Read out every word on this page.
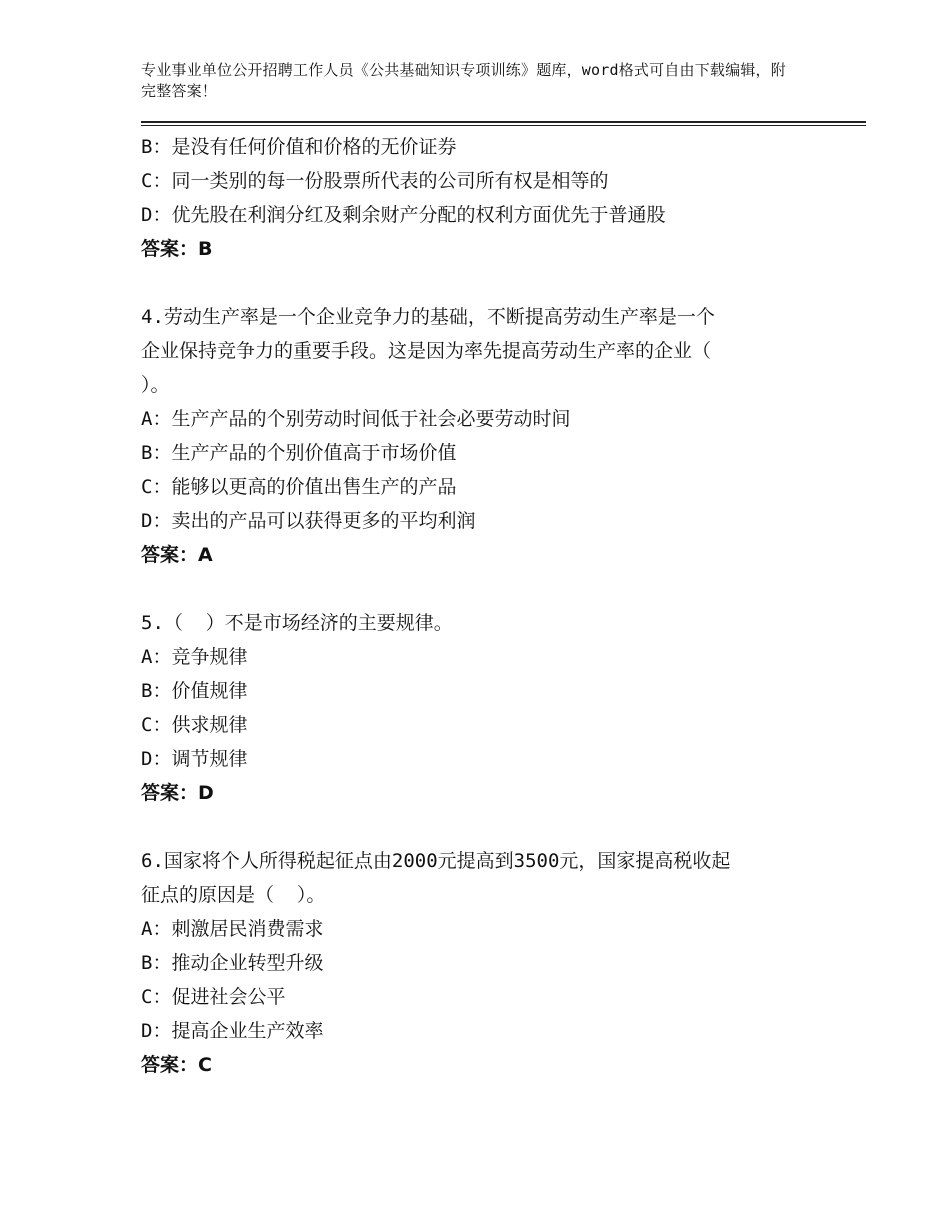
专业事业单位公开招聘工作人员《公共基础知识专项训练》题库，word格式可自由下载编辑，附完整答案！
B：是没有任何价值和价格的无价证券
C：同一类别的每一份股票所代表的公司所有权是相等的
D：优先股在利润分红及剩余财产分配的权利方面优先于普通股
答案：B
4.劳动生产率是一个企业竞争力的基础，不断提高劳动生产率是一个
企业保持竞争力的重要手段。这是因为率先提高劳动生产率的企业（
）。
A：生产产品的个别劳动时间低于社会必要劳动时间
B：生产产品的个别价值高于市场价值
C：能够以更高的价值出售生产的产品
D：卖出的产品可以获得更多的平均利润
答案：A
5.（  ）不是市场经济的主要规律。
A：竞争规律
B：价值规律
C：供求规律
D：调节规律
答案：D
6.国家将个人所得税起征点由2000元提高到3500元，国家提高税收起
征点的原因是（  ）。
A：刺激居民消费需求
B：推动企业转型升级
C：促进社会公平
D：提高企业生产效率
答案：C
